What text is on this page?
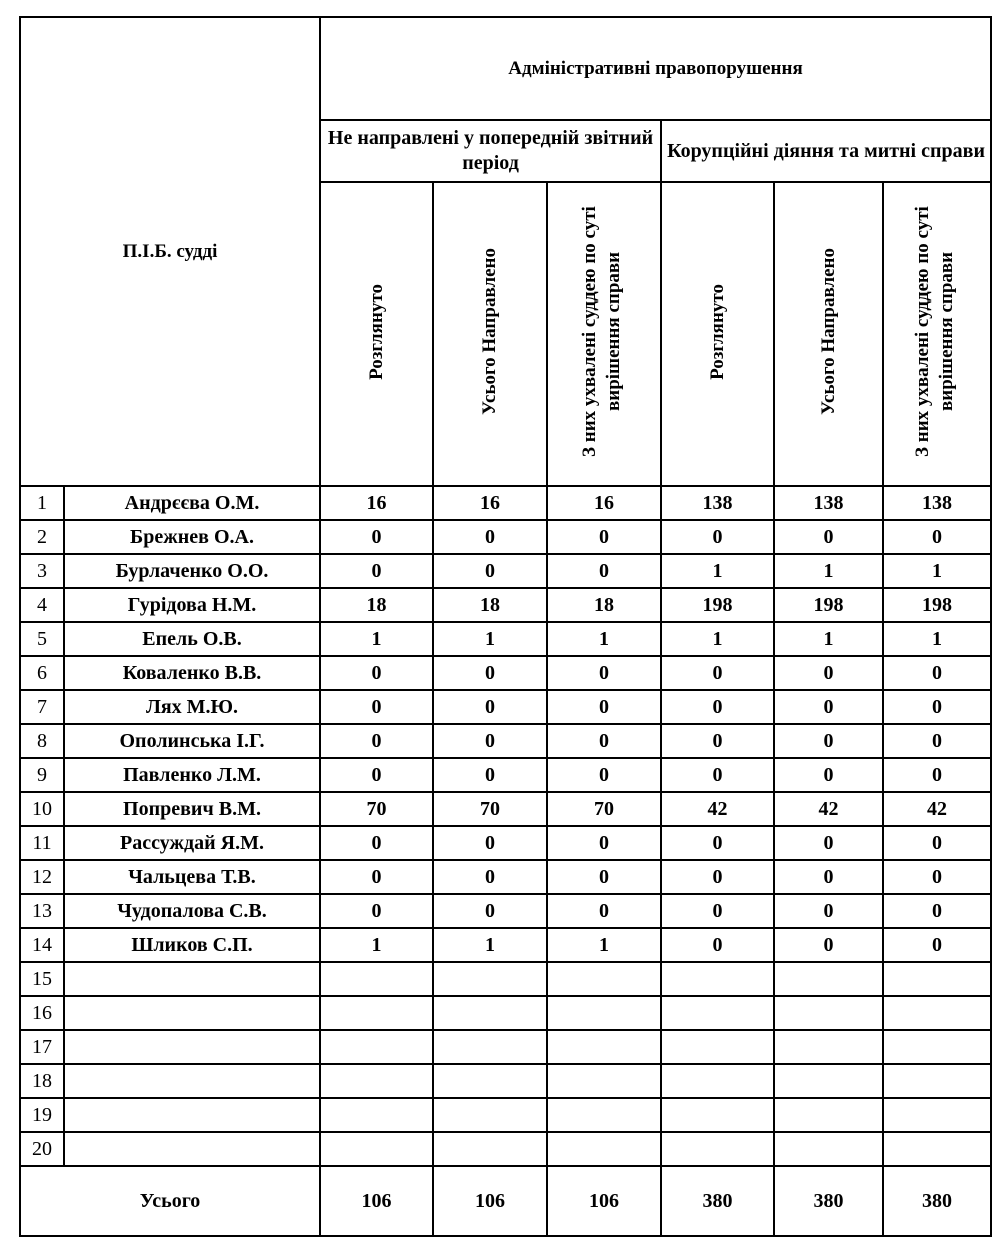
П.І.Б. судді		Адміністративні правопорушення					
		Не направлені у попередній звітний період			Корупційні діяння та митні справи		
		Розглянуто	Усього Направлено	З них ухвалені суддею по суті вирішення справи	Розглянуто	Усього Направлено	З них ухвалені суддею по суті вирішення справи
1	Андрєєва О.М.	16	16	16	138	138	138
2	Брежнев О.А.	0	0	0	0	0	0
3	Бурлаченко О.О.	0	0	0	1	1	1
4	Гурідова Н.М.	18	18	18	198	198	198
5	Епель О.В.	1	1	1	1	1	1
6	Коваленко В.В.	0	0	0	0	0	0
7	Лях М.Ю.	0	0	0	0	0	0
8	Ополинська І.Г.	0	0	0	0	0	0
9	Павленко Л.М.	0	0	0	0	0	0
10	Попревич В.М.	70	70	70	42	42	42
11	Рассуждай Я.М.	0	0	0	0	0	0
12	Чальцева Т.В.	0	0	0	0	0	0
13	Чудопалова С.В.	0	0	0	0	0	0
14	Шликов С.П.	1	1	1	0	0	0
15							
16							
17							
18							
19							
20							
Усього		106	106	106	380	380	380
